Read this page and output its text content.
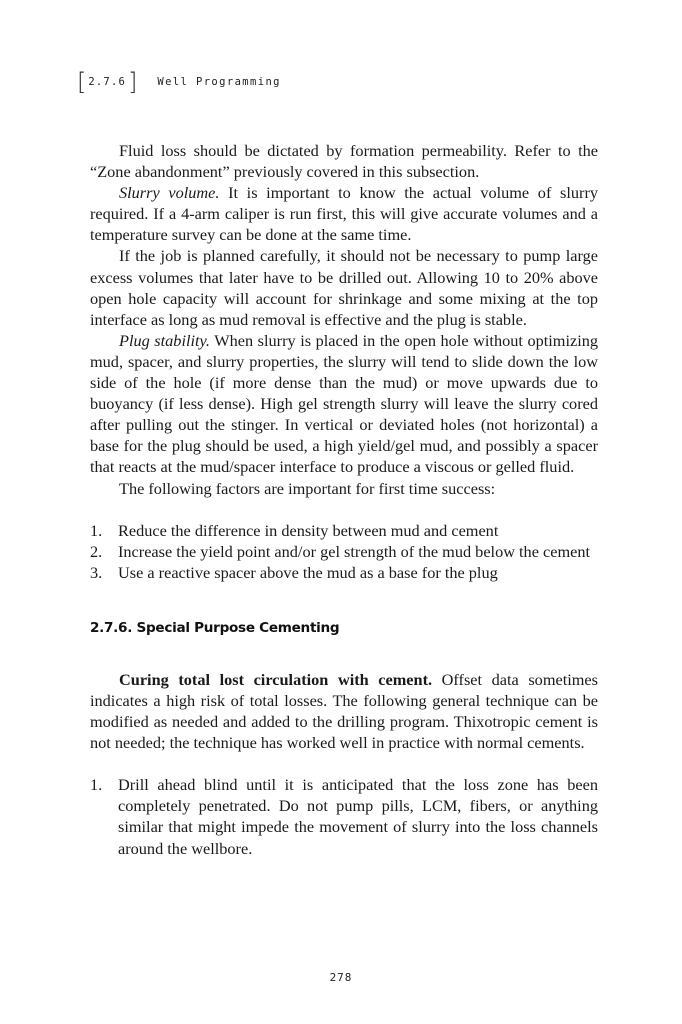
[ 2.7.6 ] Well Programming

Fluid loss should be dictated by formation permeability. Refer to the “Zone abandonment” previously covered in this subsection.

Slurry volume. It is important to know the actual volume of slurry required. If a 4-arm caliper is run first, this will give accurate volumes and a temperature survey can be done at the same time.

If the job is planned carefully, it should not be necessary to pump large excess volumes that later have to be drilled out. Allowing 10 to 20% above open hole capacity will account for shrinkage and some mixing at the top interface as long as mud removal is effective and the plug is stable.

Plug stability. When slurry is placed in the open hole without optimizing mud, spacer, and slurry properties, the slurry will tend to slide down the low side of the hole (if more dense than the mud) or move upwards due to buoyancy (if less dense). High gel strength slurry will leave the slurry cored after pulling out the stinger. In vertical or deviated holes (not horizontal) a base for the plug should be used, a high yield/gel mud, and possibly a spacer that reacts at the mud/spacer interface to produce a viscous or gelled fluid.

The following factors are important for first time success:

1. Reduce the difference in density between mud and cement
2. Increase the yield point and/or gel strength of the mud below the cement
3. Use a reactive spacer above the mud as a base for the plug
2.7.6. Special Purpose Cementing

Curing total lost circulation with cement. Offset data sometimes indicates a high risk of total losses. The following general technique can be modified as needed and added to the drilling program. Thixotropic cement is not needed; the technique has worked well in practice with normal cements.

1. Drill ahead blind until it is anticipated that the loss zone has been completely penetrated. Do not pump pills, LCM, fibers, or anything similar that might impede the movement of slurry into the loss channels around the wellbore.
278
